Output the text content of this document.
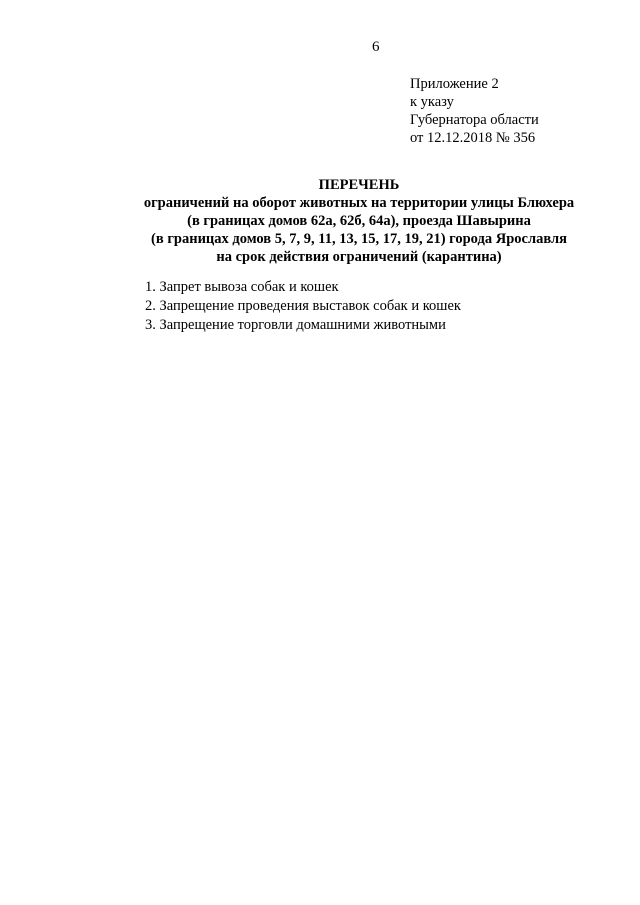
6
Приложение 2
к указу
Губернатора области
от 12.12.2018 № 356
ПЕРЕЧЕНЬ
ограничений на оборот животных на территории улицы Блюхера
(в границах домов 62а, 62б, 64а), проезда Шавырина
(в границах домов 5, 7, 9, 11, 13, 15, 17, 19, 21) города Ярославля
на срок действия ограничений (карантина)
1. Запрет вывоза собак и кошек
2. Запрещение проведения выставок собак и кошек
3. Запрещение торговли домашними животными
